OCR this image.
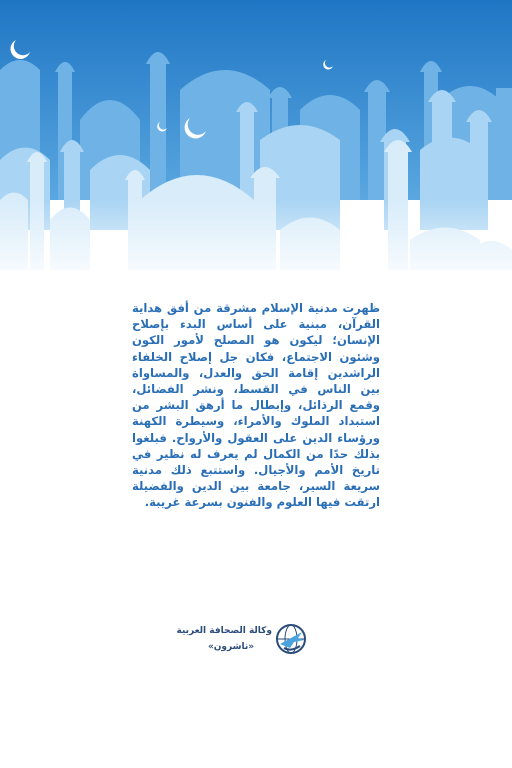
ظهرت مدنية الإسلام مشرقة من أفق هداية القرآن، مبنية على أساس البدء بإصلاح الإنسان؛ ليكون هو المصلح لأمور الكون وشئون الاجتماع، فكان جل إصلاح الخلفاء الراشدين إقامة الحق والعدل، والمساواة بين الناس في القسط، ونشر الفضائل، وقمع الرذائل، وإبطال ما أرهق البشر من استبداد الملوك والأمراء، وسيطرة الكهنة ورؤساء الدين على العقول والأرواح. فبلغوا بذلك حدًا من الكمال لم يعرف له نظير في تاريخ الأمم والأجيال. واستتبع ذلك مدنية سريعة السير، جامعة بين الدين والفضيلة ارتقت فيها العلوم والفنون بسرعة غريبة.
وكالة الصحافة العربية
«ناشرون»
